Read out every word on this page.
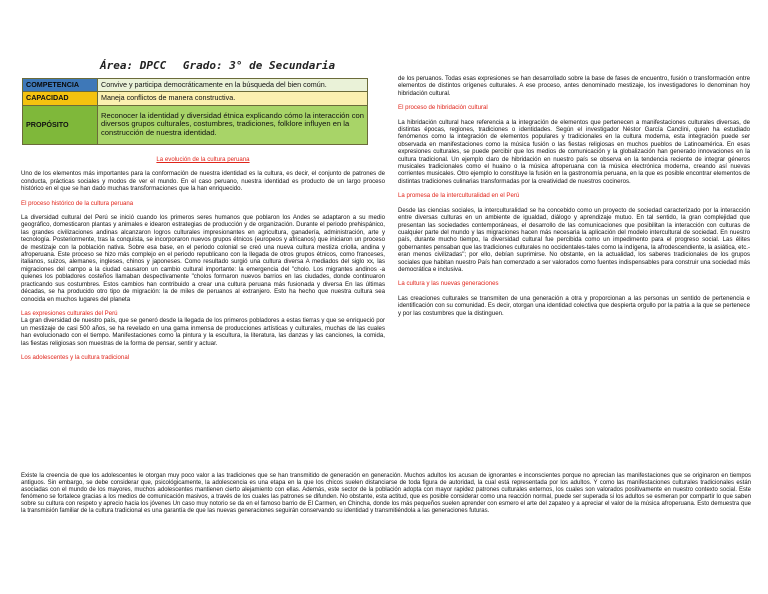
Área: DPCC Grado: 3° de Secundaria
COMPETENCIA	Convive y participa democráticamente en la búsqueda del bien común.
CAPACIDAD	Maneja conflictos de manera constructiva.
PROPÓSITO	Reconocer la identidad y diversidad étnica explicando cómo la interacción con diversos grupos culturales, costumbres, tradiciones, folklore influyen en la construcción de nuestra identidad.
La evolución de la cultura peruana

Uno de los elementos más importantes para la conformación de nuestra identidad es la cultura, es decir, el conjunto de patrones de conducta, prácticas sociales y modos de ver el mundo. En el caso peruano, nuestra identidad es producto de un largo proceso histórico en el que se han dado muchas transformaciones que la han enriquecido.

El proceso histórico de la cultura peruana

La diversidad cultural del Perú se inició cuando los primeros seres humanos que poblaron los Andes se adaptaron a su medio geográfico, domesticaron plantas y animales e idearon estrategias de producción y de organización. Durante el periodo prehispánico, las grandes civilizaciones andinas alcanzaron logros culturales impresionantes en agricultura, ganadería, administración, arte y tecnología. Posteriormente, tras la conquista, se incorporaron nuevos grupos étnicos (europeos y africanos) que iniciaron un proceso de mestizaje con la población nativa. Sobre esa base, en el periodo colonial se creó una nueva cultura mestiza criolla, andina y afroperuana. Este proceso se hizo más complejo en el periodo republicano con la llegada de otros grupos étnicos, como franceses, italianos, suizos, alemanes, ingleses, chinos y japoneses. Como resultado surgió una cultura diversa A mediados del siglo xx, las migraciones del campo a la ciudad causaron un cambio cultural importante: la emergencia del "cholo. Los migrantes andinos -a quienes los pobladores costeños llamaban despectivamente "cholos formaron nuevos barrios en las ciudades, donde continuaron practicando sus costumbres. Estos cambios han contribuido a crear una cultura peruana más fusionada y diversa En las últimas décadas, se ha producido otro tipo de migración: la de miles de peruanos al extranjero. Esto ha hecho que nuestra cultura sea conocida en muchos lugares del planeta

Las expresiones culturales del Perú

La gran diversidad de nuestro país, que se generó desde la llegada de los primeros pobladores a estas tierras y que se enriqueció por un mestizaje de casi 500 años, se ha revelado en una gama inmensa de producciones artísticas y culturales, muchas de las cuales han evolucionado con el tiempo. Manifestaciones como la pintura y la escultura, la literatura, las danzas y las canciones, la comida, las fiestas religiosas son muestras de la forma de pensar, sentir y actuar.

Los adolescentes y la cultura tradicional

de los peruanos. Todas esas expresiones se han desarrollado sobre la base de fases de encuentro, fusión o transformación entre elementos de distintos orígenes culturales. A ese proceso, antes denominado mestizaje, los investigadores lo denominan hoy hibridación cultural.

El proceso de hibridación cultural

La hibridación cultural hace referencia a la integración de elementos que pertenecen a manifestaciones culturales diversas, de distintas épocas, regiones, tradiciones o identidades. Según el investigador Néstor García Canclini, quien ha estudiado fenómenos como la integración de elementos populares y tradicionales en la cultura moderna, esta integración puede ser observada en manifestaciones como la música fusión o las fiestas religiosas en muchos pueblos de Latinoamérica. En esas expresiones culturales, se puede percibir que los medios de comunicación y la globalización han generado innovaciones en la cultura tradicional. Un ejemplo claro de hibridación en nuestro país se observa en la tendencia reciente de integrar géneros musicales tradicionales como el huaino o la música afroperuana con la música electrónica moderna, creando así nuevas corrientes musicales. Otro ejemplo lo constituye la fusión en la gastronomía peruana, en la que es posible encontrar elementos de distintas tradiciones culinarias transformadas por la creatividad de nuestros cocineros.

La promesa de la interculturalidad en el Perú

Desde las ciencias sociales, la interculturalidad se ha concebido como un proyecto de sociedad caracterizado por la interacción entre diversas culturas en un ambiente de igualdad, diálogo y aprendizaje mutuo. En tal sentido, la gran complejidad que presentan las sociedades contemporáneas, el desarrollo de las comunicaciones que posibilitan la interacción con culturas de cualquier parte del mundo y las migraciones hacen más necesaria la aplicación del modelo intercultural de sociedad. En nuestro país, durante mucho tiempo, la diversidad cultural fue percibida como un impedimento para el progreso social. Las élites gobernantes pensaban que las tradiciones culturales no occidentales-tales como la indígena, la afrodescendiente, la asiática, etc.- eran menos civilizadas"; por ello, debían suprimirse. No obstante, en la actualidad, los saberes tradicionales de los grupos sociales que habitan nuestro País han comenzado a ser valorados como fuentes indispensables para construir una sociedad más democrática e inclusiva.

La cultura y las nuevas generaciones

Las creaciones culturales se transmiten de una generación a otra y proporcionan a las personas un sentido de pertenencia e identificación con su comunidad. Es decir, otorgan una identidad colectiva que despierta orgullo por la patria a la que se pertenece y por las costumbres que la distinguen.

Existe la creencia de que los adolescentes le otorgan muy poco valor a las tradiciones que se han transmitido de generación en generación. Muchos adultos los acusan de ignorantes e inconscientes porque no aprecian las manifestaciones que se originaron en tiempos antiguos. Sin embargo, se debe considerar que, psicológicamente, la adolescencia es una etapa en la que los chicos suelen distanciarse de toda figura de autoridad, la cual está representada por los adultos. Y como las manifestaciones culturales tradicionales están asociadas con el mundo de los mayores, muchos adolescentes mantienen cierto alejamiento con ellas. Además, este sector de la población adopta con mayor rapidez patrones culturales externos, los cuales son valorados positivamente en nuestro contexto social. Este fenómeno se fortalece gracias a los medios de comunicación masivos, a través de los cuales las patrones se difunden. No obstante, esta actitud, que es posible considerar como una reacción normal, puede ser superada si los adultos se esmeran por compartir lo que saben sobre su cultura con respeto y aprecio hacia los jóvenes Un caso muy notorio se da en el famoso barrio de El Carmen, en Chincha, donde los más pequeños suelen aprender con esmero el arte del zapateo y a apreciar el valor de la música afroperuana. Esto demuestra que la transmisión familiar de la cultura tradicional es una garantía de que las nuevas generaciones seguirán conservando su identidad y transmitiéndola a las generaciones futuras.
